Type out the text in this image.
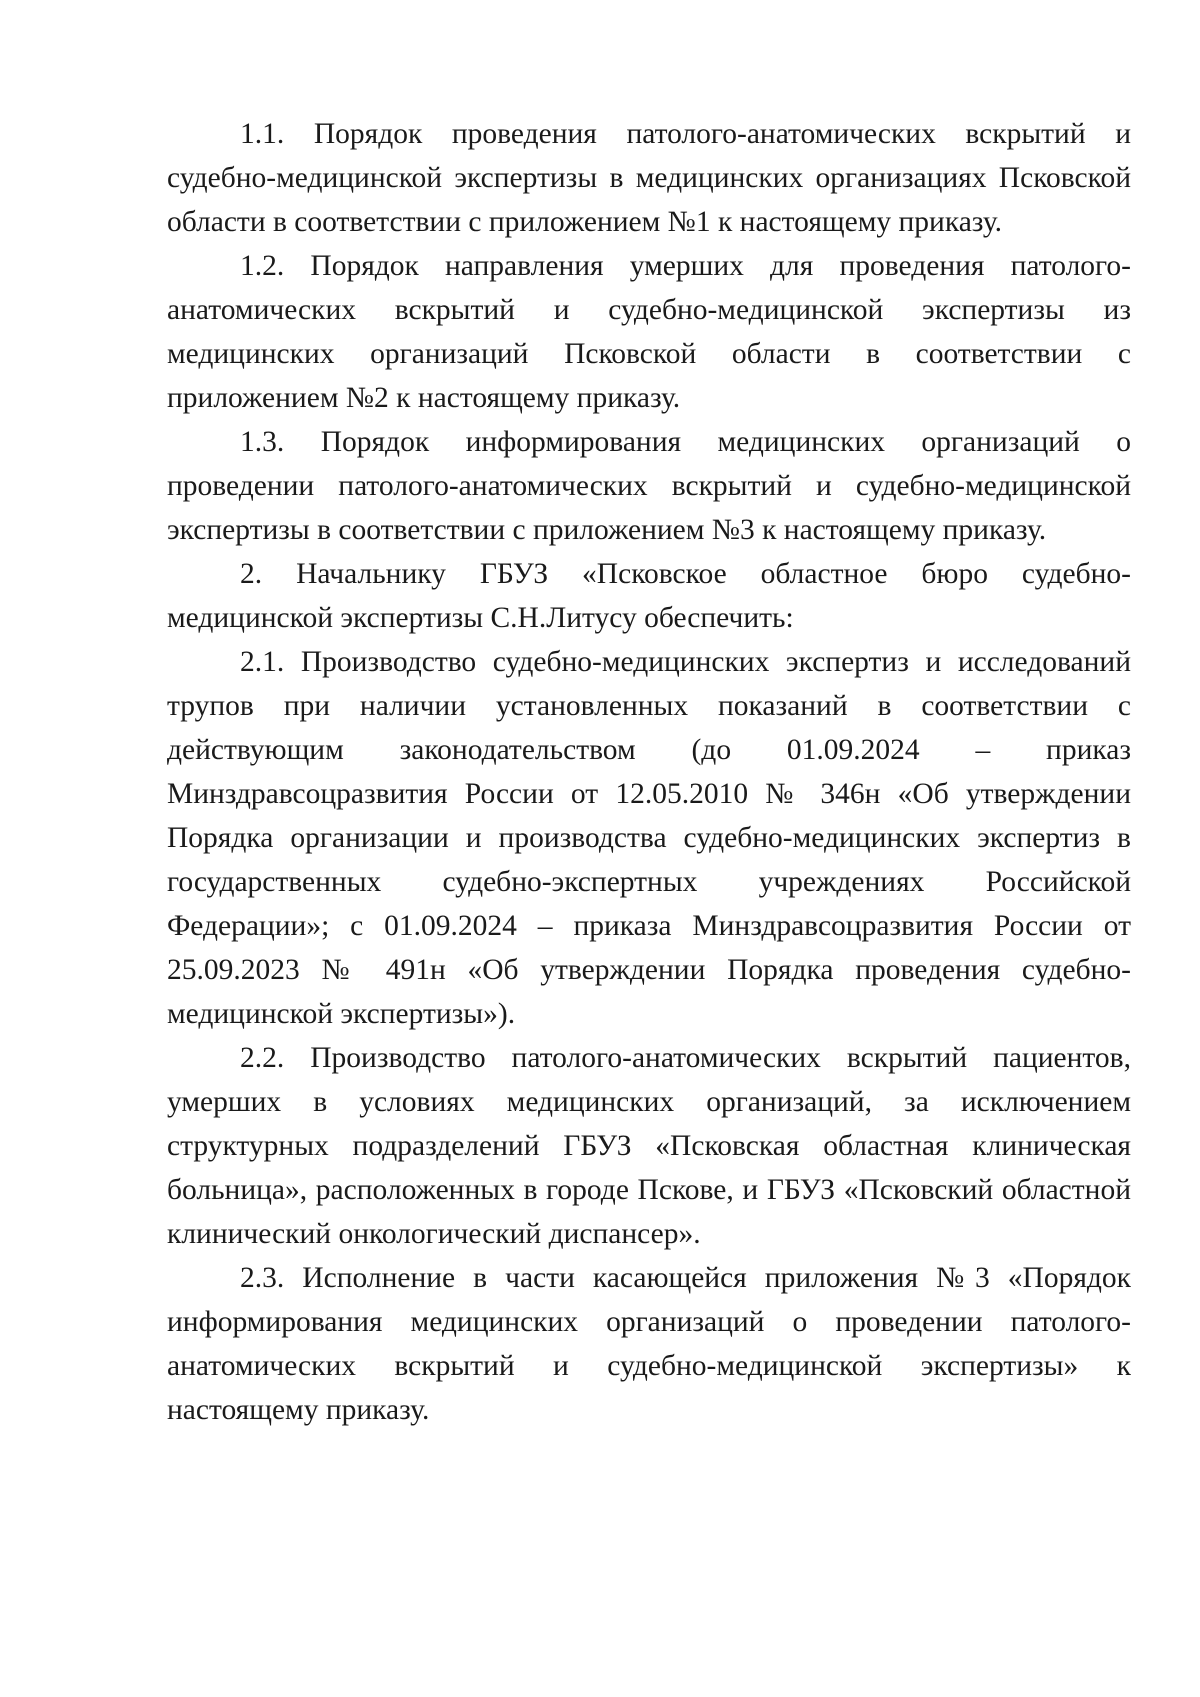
1.1. Порядок проведения патолого-анатомических вскрытий и судебно-медицинской экспертизы в медицинских организациях Псковской области в соответствии с приложением №1 к настоящему приказу.

1.2. Порядок направления умерших для проведения патолого-анатомических вскрытий и судебно-медицинской экспертизы из медицинских организаций Псковской области в соответствии с приложением №2 к настоящему приказу.

1.3. Порядок информирования медицинских организаций о проведении патолого-анатомических вскрытий и судебно-медицинской экспертизы в соответствии с приложением №3 к настоящему приказу.

2. Начальнику ГБУЗ «Псковское областное бюро судебно-медицинской экспертизы С.Н.Литусу обеспечить:

2.1. Производство судебно-медицинских экспертиз и исследований трупов при наличии установленных показаний в соответствии с действующим законодательством (до 01.09.2024 – приказ Минздравсоцразвития России от 12.05.2010 № 346н «Об утверждении Порядка организации и производства судебно-медицинских экспертиз в государственных судебно-экспертных учреждениях Российской Федерации»; с 01.09.2024 – приказа Минздравсоцразвития России от 25.09.2023 № 491н «Об утверждении Порядка проведения судебно-медицинской экспертизы»).

2.2. Производство патолого-анатомических вскрытий пациентов, умерших в условиях медицинских организаций, за исключением структурных подразделений ГБУЗ «Псковская областная клиническая больница», расположенных в городе Пскове, и ГБУЗ «Псковский областной клинический онкологический диспансер».

2.3. Исполнение в части касающейся приложения №3 «Порядок информирования медицинских организаций о проведении патолого-анатомических вскрытий и судебно-медицинской экспертизы» к настоящему приказу.
